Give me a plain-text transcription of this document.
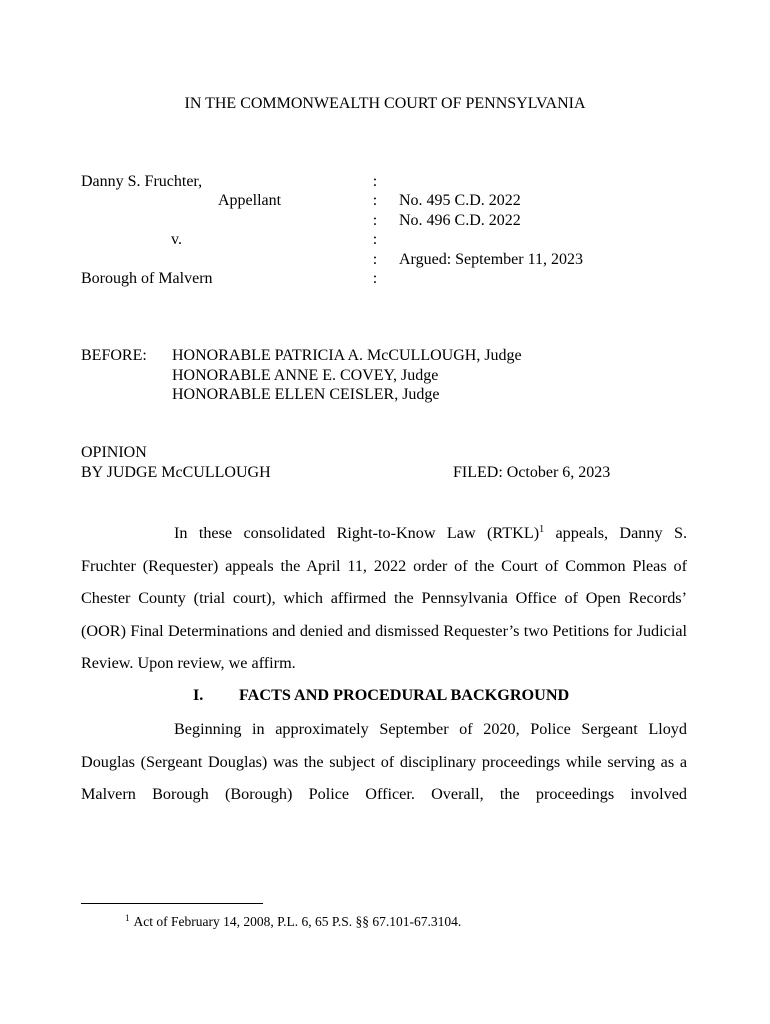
IN THE COMMONWEALTH COURT OF PENNSYLVANIA
Danny S. Fruchter,
Appellant
v.
Borough of Malvern
:
:
:
:
:
:
No. 495 C.D. 2022
No. 496 C.D. 2022
Argued: September 11, 2023
BEFORE: HONORABLE PATRICIA A. McCULLOUGH, Judge
HONORABLE ANNE E. COVEY, Judge
HONORABLE ELLEN CEISLER, Judge
OPINION
BY JUDGE McCULLOUGH	FILED: October 6, 2023
In these consolidated Right-to-Know Law (RTKL)$^1$ appeals, Danny S. Fruchter (Requester) appeals the April 11, 2022 order of the Court of Common Pleas of Chester County (trial court), which affirmed the Pennsylvania Office of Open Records’ (OOR) Final Determinations and denied and dismissed Requester’s two Petitions for Judicial Review. Upon review, we affirm.
I. FACTS AND PROCEDURAL BACKGROUND
Beginning in approximately September of 2020, Police Sergeant Lloyd Douglas (Sergeant Douglas) was the subject of disciplinary proceedings while serving as a Malvern Borough (Borough) Police Officer. Overall, the proceedings involved
$^1$ Act of February 14, 2008, P.L. 6, 65 P.S. §§ 67.101-67.3104.
